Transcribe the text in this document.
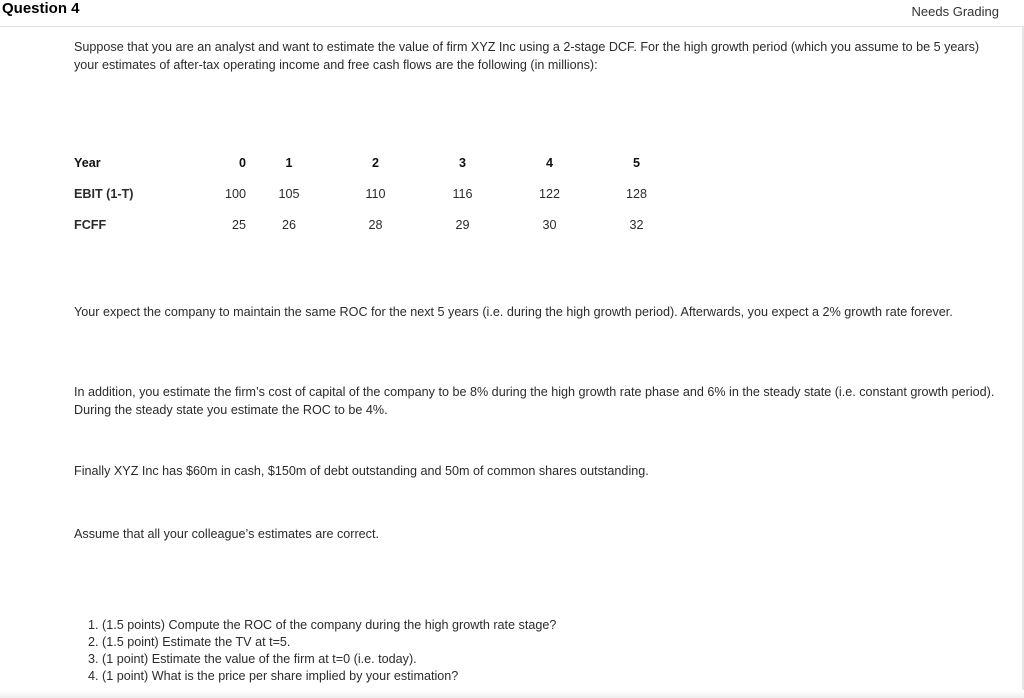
Question 4	Needs Grading
Suppose that you are an analyst and want to estimate the value of firm XYZ Inc using a 2-stage DCF. For the high growth period (which you assume to be 5 years) your estimates of after-tax operating income and free cash flows are the following (in millions):
Year	0	1	2	3	4	5
EBIT (1-T)	100	105	110	116	122	128
FCFF	25	26	28	29	30	32
Your expect the company to maintain the same ROC for the next 5 years (i.e. during the high growth period). Afterwards, you expect a 2% growth rate forever.
In addition, you estimate the firm’s cost of capital of the company to be 8% during the high growth rate phase and 6% in the steady state (i.e. constant growth period). During the steady state you estimate the ROC to be 4%.
Finally XYZ Inc has $60m in cash, $150m of debt outstanding and 50m of common shares outstanding.
Assume that all your colleague’s estimates are correct.
1. (1.5 points) Compute the ROC of the company during the high growth rate stage?
2. (1.5 point) Estimate the TV at t=5.
3. (1 point) Estimate the value of the firm at t=0 (i.e. today).
4. (1 point) What is the price per share implied by your estimation?
